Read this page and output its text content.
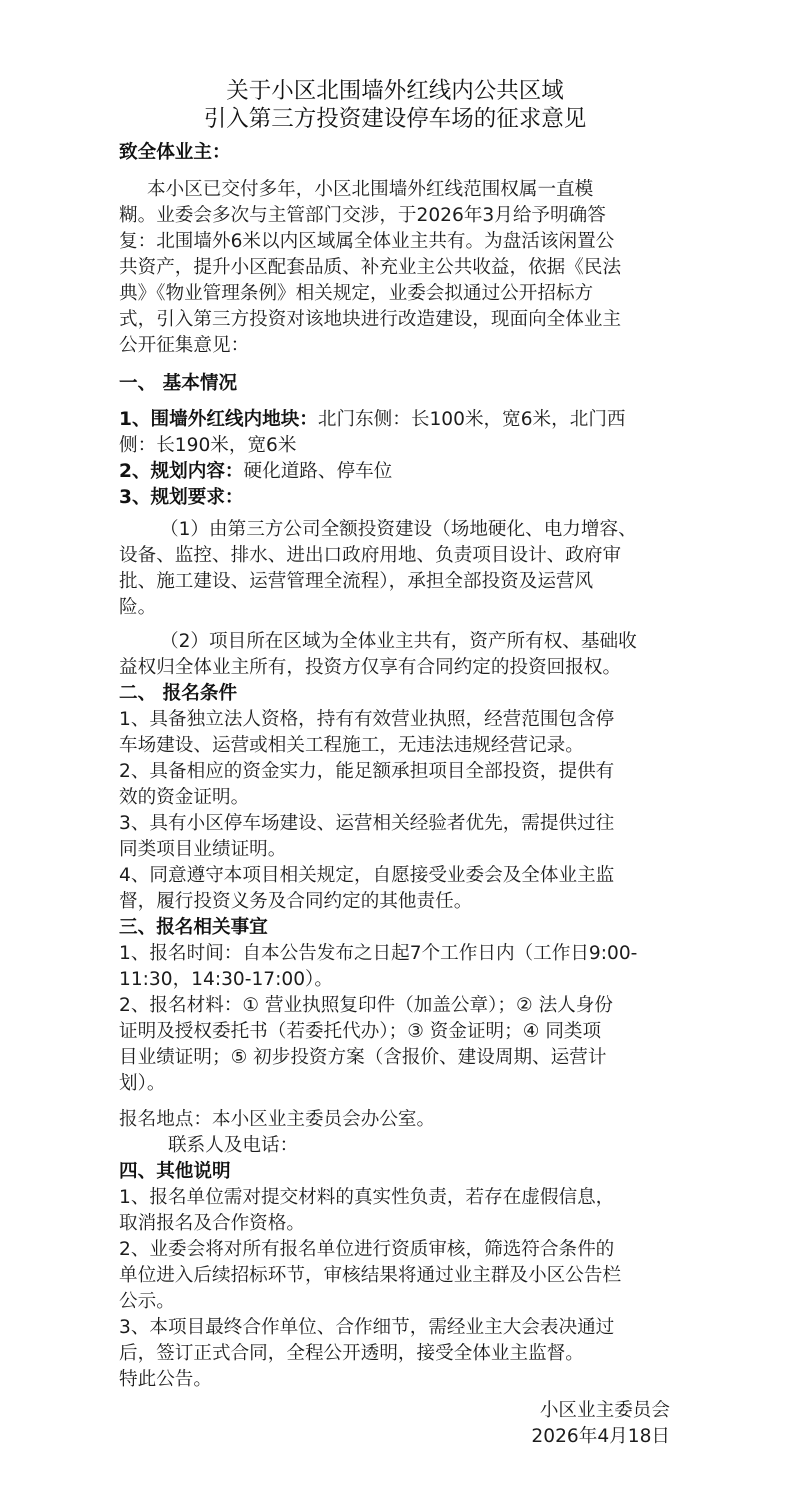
关于小区北围墙外红线内公共区域
引入第三方投资建设停车场的征求意见
致全体业主：
本小区已交付多年，小区北围墙外红线范围权属一直模
糊。业委会多次与主管部门交涉，于2026年3月给予明确答
复：北围墙外6米以内区域属全体业主共有。为盘活该闲置公
共资产，提升小区配套品质、补充业主公共收益，依据《民法
典》《物业管理条例》相关规定，业委会拟通过公开招标方
式，引入第三方投资对该地块进行改造建设，现面向全体业主
公开征集意见：
一、 基本情况
1、围墙外红线内地块：北门东侧：长100米，宽6米，北门西
侧：长190米，宽6米
2、规划内容：硬化道路、停车位
3、规划要求：
（1）由第三方公司全额投资建设（场地硬化、电力增容、
设备、监控、排水、进出口政府用地、负责项目设计、政府审
批、施工建设、运营管理全流程），承担全部投资及运营风
险。
（2）项目所在区域为全体业主共有，资产所有权、基础收
益权归全体业主所有，投资方仅享有合同约定的投资回报权。
二、 报名条件
1、具备独立法人资格，持有有效营业执照，经营范围包含停
车场建设、运营或相关工程施工，无违法违规经营记录。
2、具备相应的资金实力，能足额承担项目全部投资，提供有
效的资金证明。
3、具有小区停车场建设、运营相关经验者优先，需提供过往
同类项目业绩证明。
4、同意遵守本项目相关规定，自愿接受业委会及全体业主监
督，履行投资义务及合同约定的其他责任。
三、报名相关事宜
1、报名时间：自本公告发布之日起7个工作日内（工作日9:00-
11:30，14:30-17:00）。
2、报名材料：① 营业执照复印件（加盖公章）；② 法人身份
证明及授权委托书（若委托代办）；③ 资金证明；④ 同类项
目业绩证明；⑤ 初步投资方案（含报价、建设周期、运营计
划）。
报名地点：本小区业主委员会办公室。
联系人及电话：
四、其他说明
1、报名单位需对提交材料的真实性负责，若存在虚假信息，
取消报名及合作资格。
2、业委会将对所有报名单位进行资质审核，筛选符合条件的
单位进入后续招标环节，审核结果将通过业主群及小区公告栏
公示。
3、本项目最终合作单位、合作细节，需经业主大会表决通过
后，签订正式合同，全程公开透明，接受全体业主监督。
特此公告。
小区业主委员会
2026年4月18日
